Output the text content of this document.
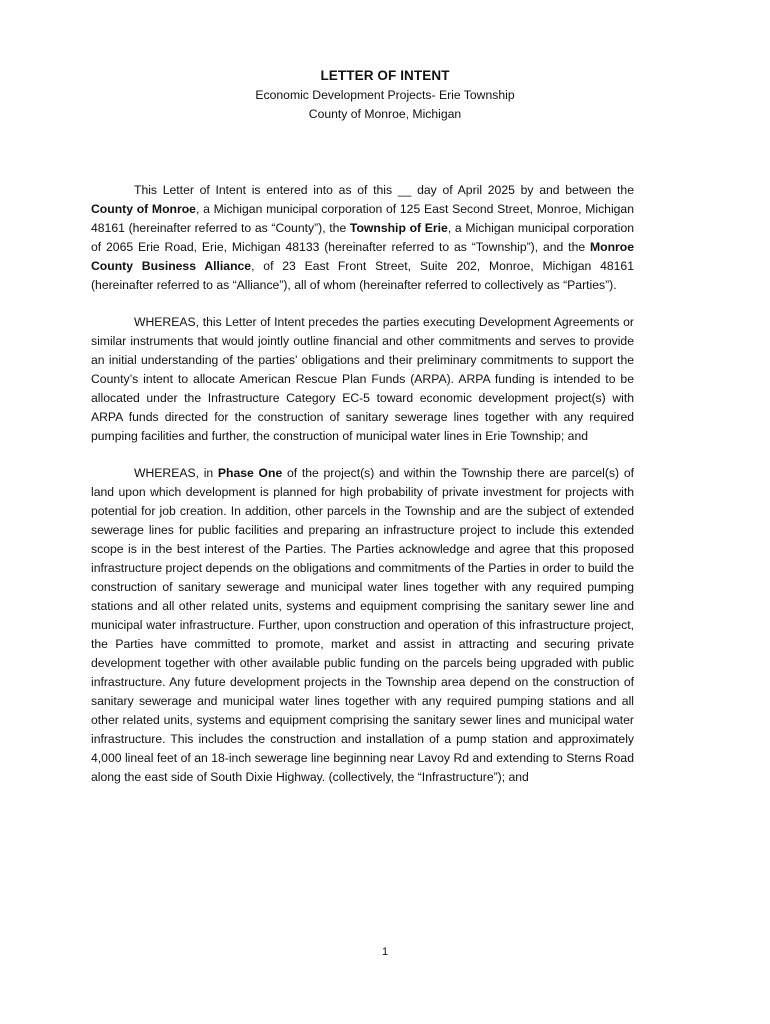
LETTER OF INTENT
Economic Development Projects- Erie Township
County of Monroe, Michigan

This Letter of Intent is entered into as of this __ day of April 2025 by and between the County of Monroe, a Michigan municipal corporation of 125 East Second Street, Monroe, Michigan 48161 (hereinafter referred to as “County”), the Township of Erie, a Michigan municipal corporation of 2065 Erie Road, Erie, Michigan 48133 (hereinafter referred to as “Township”), and the Monroe County Business Alliance, of 23 East Front Street, Suite 202, Monroe, Michigan 48161 (hereinafter referred to as “Alliance”), all of whom (hereinafter referred to collectively as “Parties”).

WHEREAS, this Letter of Intent precedes the parties executing Development Agreements or similar instruments that would jointly outline financial and other commitments and serves to provide an initial understanding of the parties’ obligations and their preliminary commitments to support the County’s intent to allocate American Rescue Plan Funds (ARPA). ARPA funding is intended to be allocated under the Infrastructure Category EC-5 toward economic development project(s) with ARPA funds directed for the construction of sanitary sewerage lines together with any required pumping facilities and further, the construction of municipal water lines in Erie Township; and

WHEREAS, in Phase One of the project(s) and within the Township there are parcel(s) of land upon which development is planned for high probability of private investment for projects with potential for job creation. In addition, other parcels in the Township and are the subject of extended sewerage lines for public facilities and preparing an infrastructure project to include this extended scope is in the best interest of the Parties. The Parties acknowledge and agree that this proposed infrastructure project depends on the obligations and commitments of the Parties in order to build the construction of sanitary sewerage and municipal water lines together with any required pumping stations and all other related units, systems and equipment comprising the sanitary sewer line and municipal water infrastructure. Further, upon construction and operation of this infrastructure project, the Parties have committed to promote, market and assist in attracting and securing private development together with other available public funding on the parcels being upgraded with public infrastructure. Any future development projects in the Township area depend on the construction of sanitary sewerage and municipal water lines together with any required pumping stations and all other related units, systems and equipment comprising the sanitary sewer lines and municipal water infrastructure. This includes the construction and installation of a pump station and approximately 4,000 lineal feet of an 18-inch sewerage line beginning near Lavoy Rd and extending to Sterns Road along the east side of South Dixie Highway. (collectively, the “Infrastructure”); and

1
